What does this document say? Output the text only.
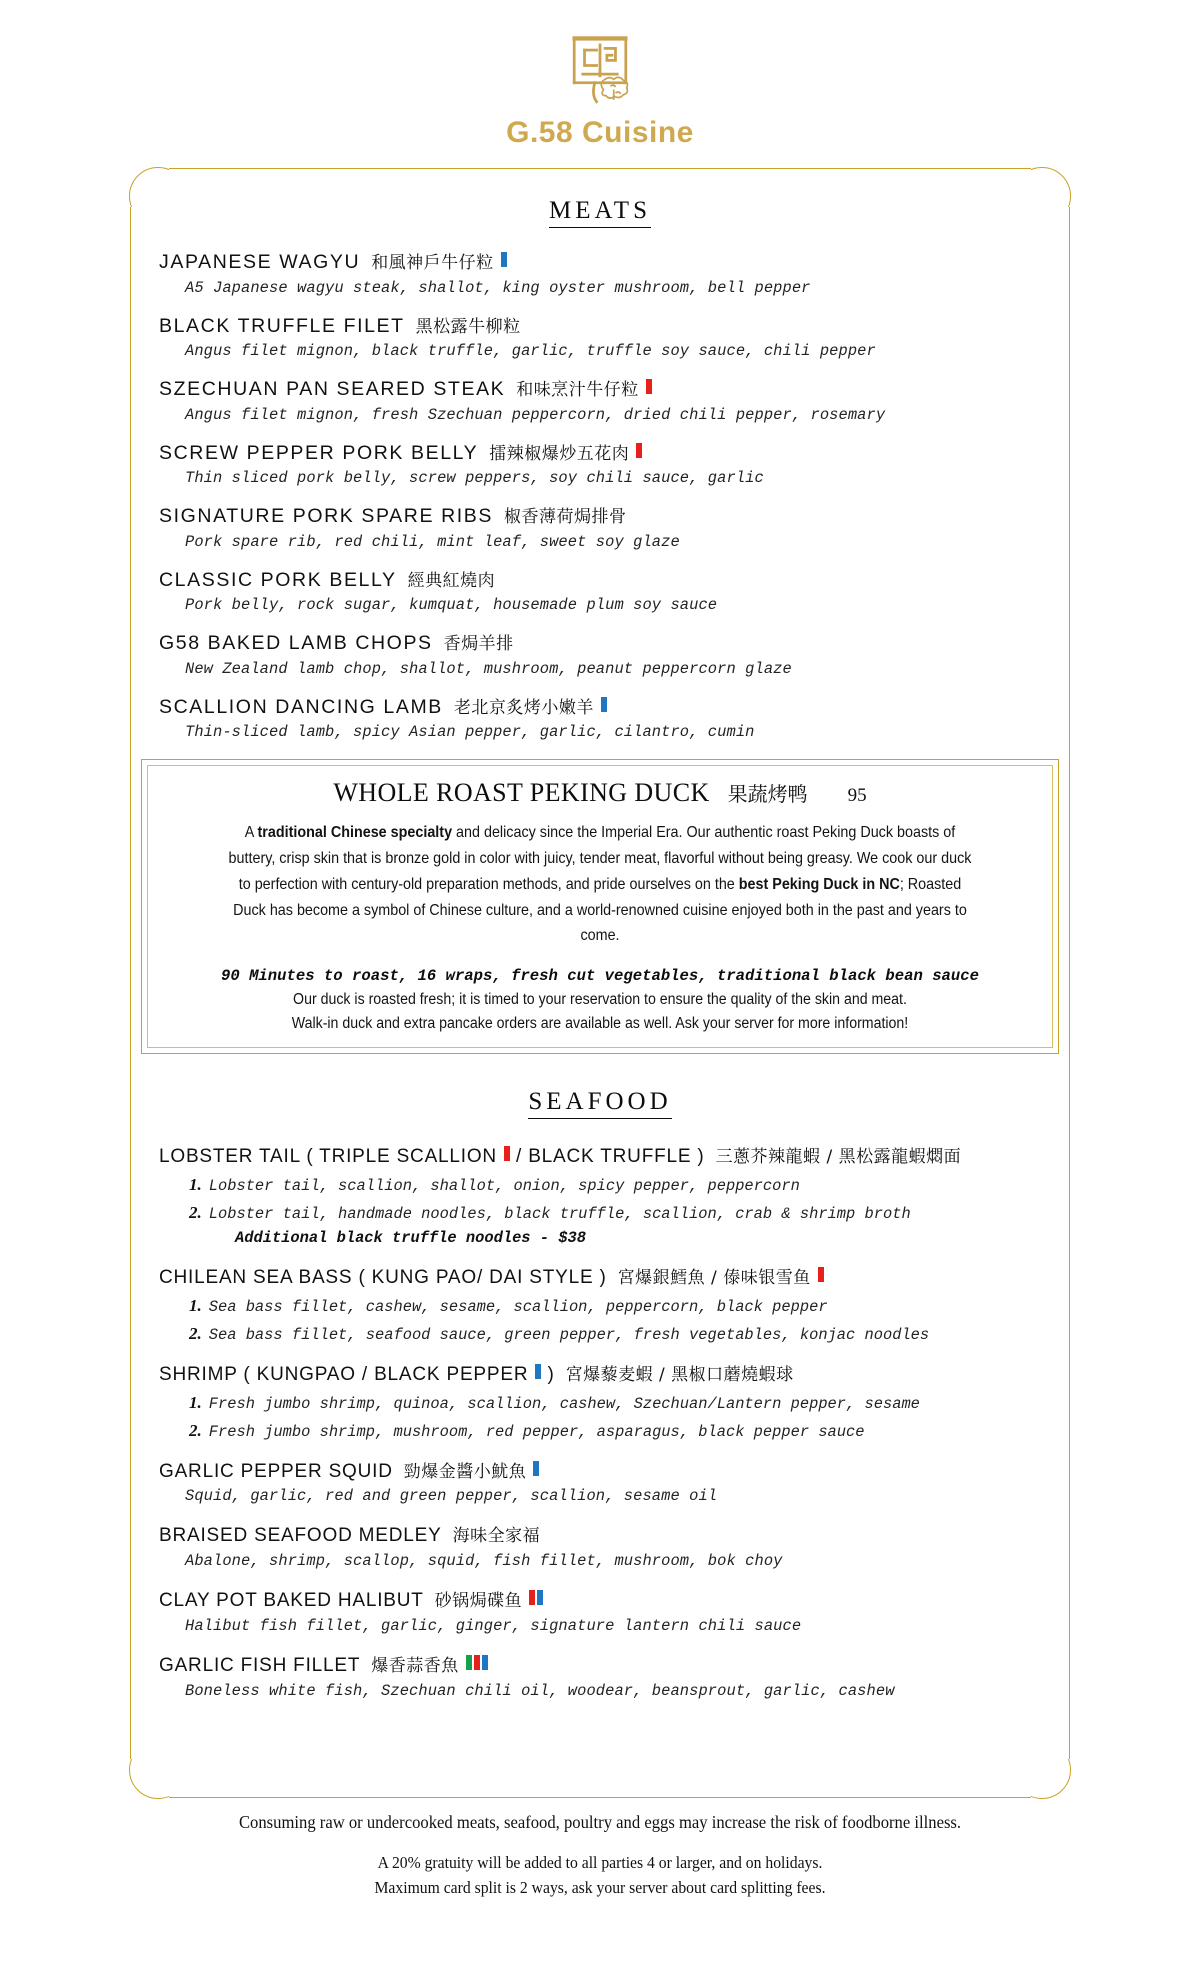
G.58 Cuisine
MEATS
JAPANESE WAGYU 和風神戶牛仔粒
A5 Japanese wagyu steak, shallot, king oyster mushroom, bell pepper
BLACK TRUFFLE FILET 黑松露牛柳粒
Angus filet mignon, black truffle, garlic, truffle soy sauce, chili pepper
SZECHUAN PAN SEARED STEAK 和味烹汁牛仔粒
Angus filet mignon, fresh Szechuan peppercorn, dried chili pepper, rosemary
SCREW PEPPER PORK BELLY 擂辣椒爆炒五花肉
Thin sliced pork belly, screw peppers, soy chili sauce, garlic
SIGNATURE PORK SPARE RIBS 椒香薄荷焗排骨
Pork spare rib, red chili, mint leaf, sweet soy glaze
CLASSIC PORK BELLY 經典紅燒肉
Pork belly, rock sugar, kumquat, housemade plum soy sauce
G58 BAKED LAMB CHOPS 香焗羊排
New Zealand lamb chop, shallot, mushroom, peanut peppercorn glaze
SCALLION DANCING LAMB 老北京炙烤小嫩羊
Thin-sliced lamb, spicy Asian pepper, garlic, cilantro, cumin
WHOLE ROAST PEKING DUCK 果蔬烤鸭 95
A traditional Chinese specialty and delicacy since the Imperial Era. Our authentic roast Peking Duck boasts of buttery, crisp skin that is bronze gold in color with juicy, tender meat, flavorful without being greasy. We cook our duck to perfection with century-old preparation methods, and pride ourselves on the best Peking Duck in NC; Roasted Duck has become a symbol of Chinese culture, and a world-renowned cuisine enjoyed both in the past and years to come.
90 Minutes to roast, 16 wraps, fresh cut vegetables, traditional black bean sauce
Our duck is roasted fresh; it is timed to your reservation to ensure the quality of the skin and meat.
Walk-in duck and extra pancake orders are available as well. Ask your server for more information!
SEAFOOD
LOBSTER TAIL ( TRIPLE SCALLION / BLACK TRUFFLE ) 三蔥芥辣龍蝦 / 黑松露龍蝦燜面
1. Lobster tail, scallion, shallot, onion, spicy pepper, peppercorn
2. Lobster tail, handmade noodles, black truffle, scallion, crab & shrimp broth
Additional black truffle noodles - $38
CHILEAN SEA BASS ( KUNG PAO/ DAI STYLE ) 宮爆銀鱈魚 / 傣味银雪鱼
1. Sea bass fillet, cashew, sesame, scallion, peppercorn, black pepper
2. Sea bass fillet, seafood sauce, green pepper, fresh vegetables, konjac noodles
SHRIMP ( KUNGPAO / BLACK PEPPER ) 宮爆藜麦蝦 / 黑椒口蘑燒蝦球
1. Fresh jumbo shrimp, quinoa, scallion, cashew, Szechuan/Lantern pepper, sesame
2. Fresh jumbo shrimp, mushroom, red pepper, asparagus, black pepper sauce
GARLIC PEPPER SQUID 勁爆金醬小魷魚
Squid, garlic, red and green pepper, scallion, sesame oil
BRAISED SEAFOOD MEDLEY 海味全家福
Abalone, shrimp, scallop, squid, fish fillet, mushroom, bok choy
CLAY POT BAKED HALIBUT 砂锅焗碟鱼
Halibut fish fillet, garlic, ginger, signature lantern chili sauce
GARLIC FISH FILLET 爆香蒜香魚
Boneless white fish, Szechuan chili oil, woodear, beansprout, garlic, cashew
Consuming raw or undercooked meats, seafood, poultry and eggs may increase the risk of foodborne illness.
A 20% gratuity will be added to all parties 4 or larger, and on holidays.
Maximum card split is 2 ways, ask your server about card splitting fees.
